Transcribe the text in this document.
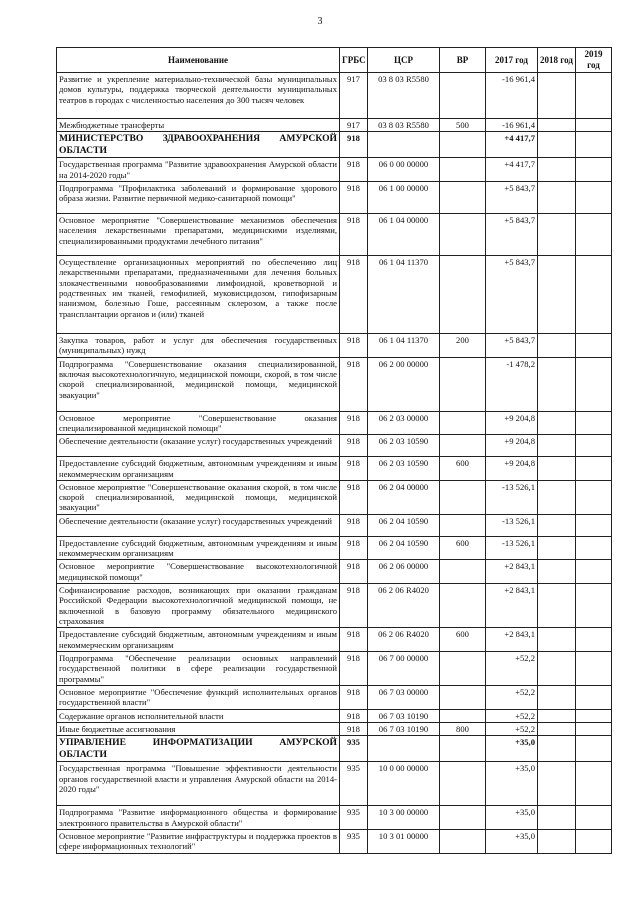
3
Наименование	ГРБС	ЦСР	ВР	2017 год	2018 год	2019 год
Развитие и укрепление материально-технической базы муниципальных домов культуры, поддержка творческой деятельности муниципальных театров в городах с численностью населения до 300 тысяч человек	917	03 8 03 R5580		-16 961,4		
Межбюджетные трансферты	917	03 8 03 R5580	500	-16 961,4		
МИНИСТЕРСТВО ЗДРАВООХРАНЕНИЯ АМУРСКОЙ ОБЛАСТИ	918			+4 417,7		
Государственная программа "Развитие здравоохранения Амурской области на 2014-2020 годы"	918	06 0 00 00000		+4 417,7		
Подпрограмма "Профилактика заболеваний и формирование здорового образа жизни. Развитие первичной медико-санитарной помощи"	918	06 1 00 00000		+5 843,7		
Основное мероприятие "Совершенствование механизмов обеспечения населения лекарственными препаратами, медицинскими изделиями, специализированными продуктами лечебного питания"	918	06 1 04 00000		+5 843,7		
Осуществление организационных мероприятий по обеспечению лиц лекарственными препаратами, предназначенными для лечения больных злокачественными новообразованиями лимфоидной, кроветворной и родственных им тканей, гемофилией, муковисцидозом, гипофизарным нанизмом, болезнью Гоше, рассеянным склерозом, а также после трансплантации органов и (или) тканей	918	06 1 04 11370		+5 843,7		
Закупка товаров, работ и услуг для обеспечения государственных (муниципальных) нужд	918	06 1 04 11370	200	+5 843,7		
Подпрограмма "Совершенствование оказания специализированной, включая высокотехнологичную, медицинской помощи, скорой, в том числе скорой специализированной, медицинской помощи, медицинской эвакуации"	918	06 2 00 00000		-1 478,2		
Основное мероприятие "Совершенствование оказания специализированной медицинской помощи"	918	06 2 03 00000		+9 204,8		
Обеспечение деятельности (оказание услуг) государственных учреждений	918	06 2 03 10590		+9 204,8		
Предоставление субсидий бюджетным, автономным учреждениям и иным некоммерческим организациям	918	06 2 03 10590	600	+9 204,8		
Основное мероприятие "Совершенствование оказания скорой, в том числе скорой специализированной, медицинской помощи, медицинской эвакуации"	918	06 2 04 00000		-13 526,1		
Обеспечение деятельности (оказание услуг) государственных учреждений	918	06 2 04 10590		-13 526,1		
Предоставление субсидий бюджетным, автономным учреждениям и иным некоммерческим организациям	918	06 2 04 10590	600	-13 526,1		
Основное мероприятие "Совершенствование высокотехнологичной медицинской помощи"	918	06 2 06 00000		+2 843,1		
Софинансирование расходов, возникающих при оказании гражданам Российской Федерации высокотехнологичной медицинской помощи, не включенной в базовую программу обязательного медицинского страхования	918	06 2 06 R4020		+2 843,1		
Предоставление субсидий бюджетным, автономным учреждениям и иным некоммерческим организациям	918	06 2 06 R4020	600	+2 843,1		
Подпрограмма "Обеспечение реализации основных направлений государственной политики в сфере реализации государственной программы"	918	06 7 00 00000		+52,2		
Основное мероприятие "Обеспечение функций исполнительных органов государственной власти"	918	06 7 03 00000		+52,2		
Содержание органов исполнительной власти	918	06 7 03 10190		+52,2		
Иные бюджетные ассигнования	918	06 7 03 10190	800	+52,2		
УПРАВЛЕНИЕ ИНФОРМАТИЗАЦИИ АМУРСКОЙ ОБЛАСТИ	935			+35,0		
Государственная программа "Повышение эффективности деятельности органов государственной власти и управления Амурской области на 2014-2020 годы"	935	10 0 00 00000		+35,0		
Подпрограмма "Развитие информационного общества и формирование электронного правительства в Амурской области"	935	10 3 00 00000		+35,0		
Основное мероприятие "Развитие инфраструктуры и поддержка проектов в сфере информационных технологий"	935	10 3 01 00000		+35,0		
